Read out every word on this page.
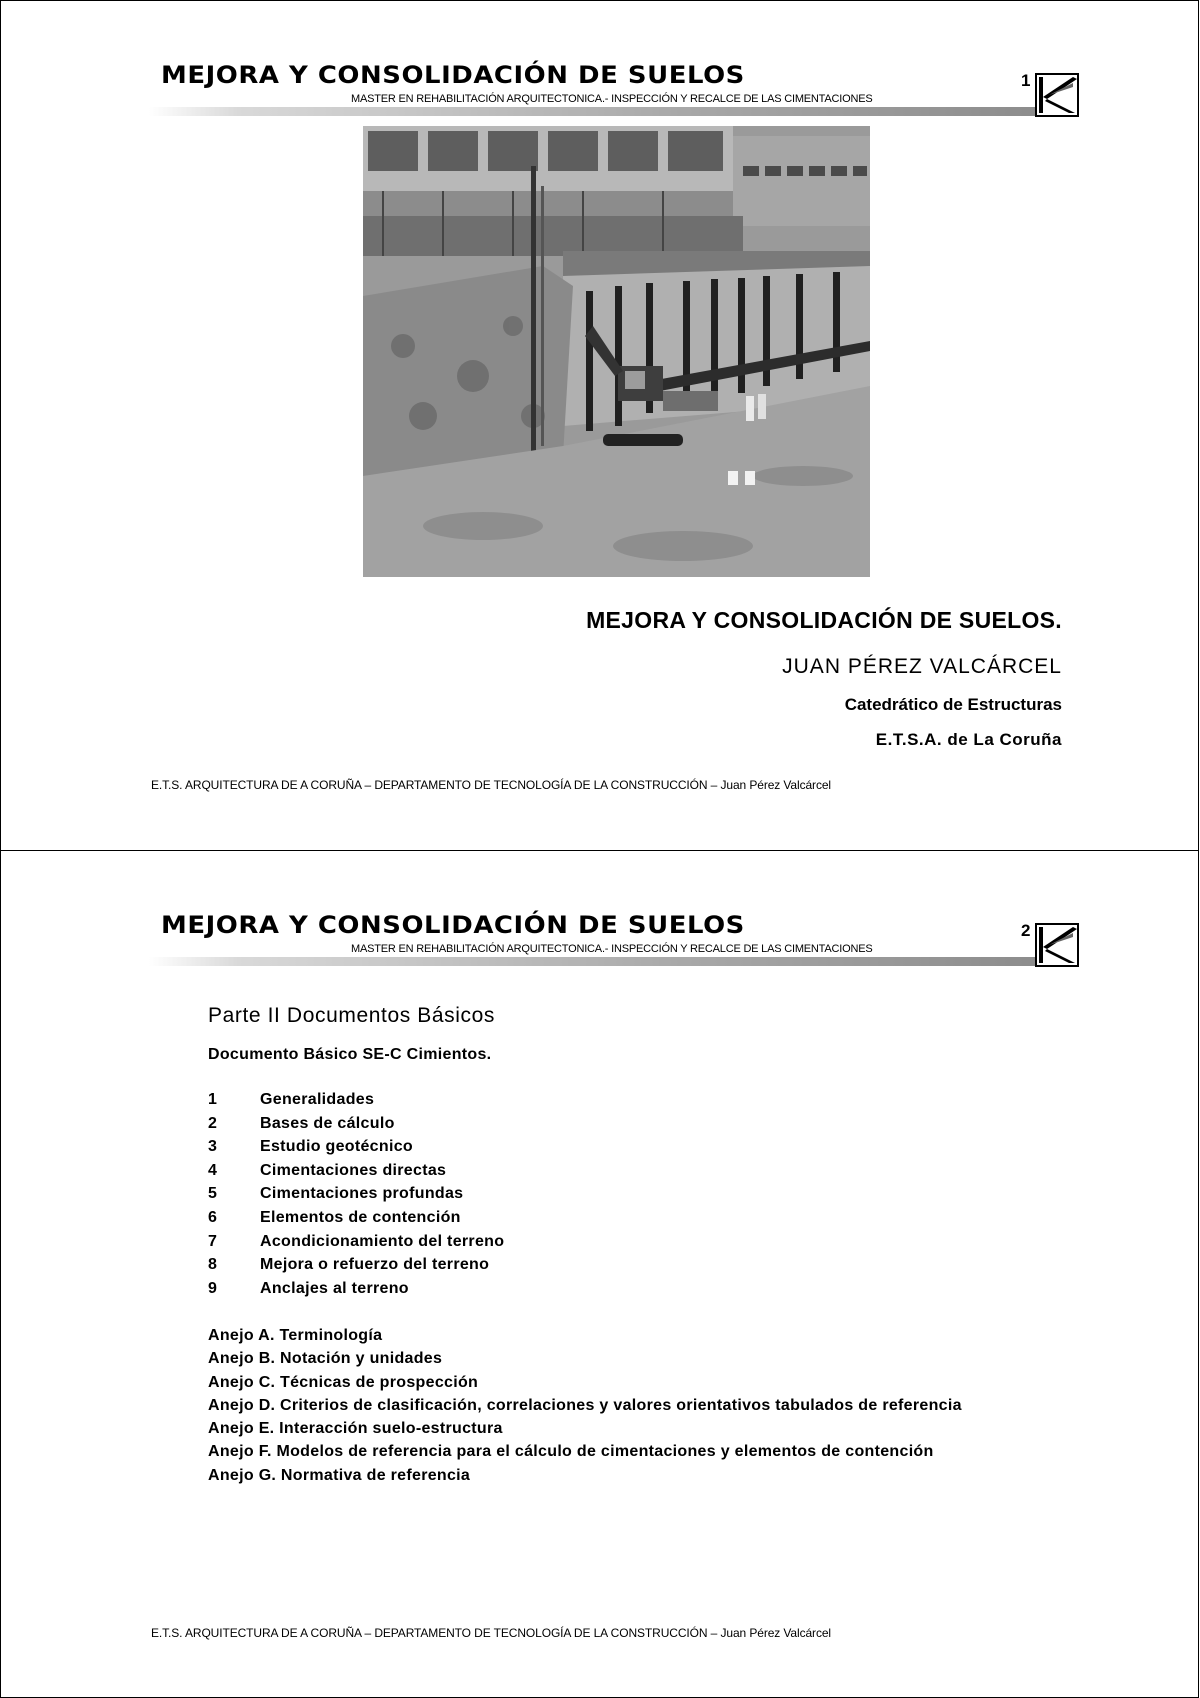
MEJORA Y CONSOLIDACIÓN DE SUELOS
MASTER EN REHABILITACIÓN ARQUITECTONICA.- INSPECCIÓN Y RECALCE DE LAS CIMENTACIONES
1
MEJORA Y CONSOLIDACIÓN DE SUELOS.
JUAN PÉREZ VALCÁRCEL
Catedrático de Estructuras
E.T.S.A. de La Coruña
E.T.S. ARQUITECTURA DE A CORUÑA – DEPARTAMENTO DE TECNOLOGÍA DE LA CONSTRUCCIÓN – Juan Pérez Valcárcel
MEJORA Y CONSOLIDACIÓN DE SUELOS
MASTER EN REHABILITACIÓN ARQUITECTONICA.- INSPECCIÓN Y RECALCE DE LAS CIMENTACIONES
2
Parte II Documentos Básicos
Documento Básico SE-C Cimientos.
1	Generalidades
2	Bases de cálculo
3	Estudio geotécnico
4	Cimentaciones directas
5	Cimentaciones profundas
6	Elementos de contención
7	Acondicionamiento del terreno
8	Mejora o refuerzo del terreno
9	Anclajes al terreno
Anejo A. Terminología
Anejo B. Notación y unidades
Anejo C. Técnicas de prospección
Anejo D. Criterios de clasificación, correlaciones y valores orientativos tabulados de referencia
Anejo E. Interacción suelo-estructura
Anejo F. Modelos de referencia para el cálculo de cimentaciones y elementos de contención
Anejo G. Normativa de referencia
E.T.S. ARQUITECTURA DE A CORUÑA – DEPARTAMENTO DE TECNOLOGÍA DE LA CONSTRUCCIÓN – Juan Pérez Valcárcel
